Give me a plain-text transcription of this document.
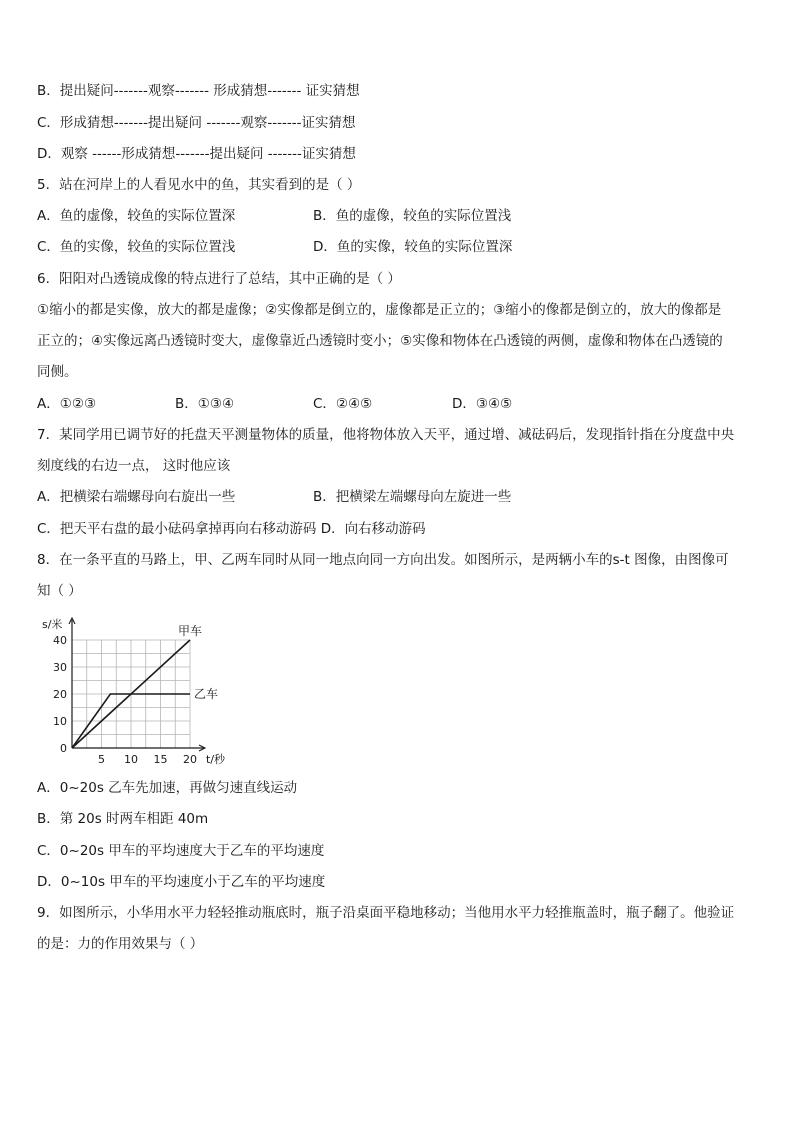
B．提出疑问-------观察------- 形成猜想------- 证实猜想
C．形成猜想-------提出疑问 -------观察-------证实猜想
D．观察 ------形成猜想-------提出疑问 -------证实猜想
5．站在河岸上的人看见水中的鱼，其实看到的是（ ）
A．鱼的虚像，较鱼的实际位置深	B．鱼的虚像，较鱼的实际位置浅
C．鱼的实像，较鱼的实际位置浅	D．鱼的实像，较鱼的实际位置深
6．阳阳对凸透镜成像的特点进行了总结，其中正确的是（ ）
①缩小的都是实像，放大的都是虚像；②实像都是倒立的，虚像都是正立的；③缩小的像都是倒立的，放大的像都是
正立的；④实像远离凸透镜时变大，虚像靠近凸透镜时变小；⑤实像和物体在凸透镜的两侧，虚像和物体在凸透镜的
同侧。
A．①②③	B．①③④	C．②④⑤	D．③④⑤
7．某同学用已调节好的托盘天平测量物体的质量，他将物体放入天平，通过增、减砝码后，发现指针指在分度盘中央
刻度线的右边一点， 这时他应该
A．把横梁右端螺母向右旋出一些	B．把横梁左端螺母向左旋进一些
C．把天平右盘的最小砝码拿掉再向右移动游码 D．向右移动游码
8．在一条平直的马路上，甲、乙两车同时从同一地点向同一方向出发。如图所示，是两辆小车的s-t 图像，由图像可
知（ ）
甲车
乙车
0
10
20
30
40
5 10 15 20
s/米
t/秒
A．0~20s 乙车先加速，再做匀速直线运动
B．第 20s 时两车相距 40m
C．0~20s 甲车的平均速度大于乙车的平均速度
D．0~10s 甲车的平均速度小于乙车的平均速度
9．如图所示，小华用水平力轻轻推动瓶底时，瓶子沿桌面平稳地移动；当他用水平力轻推瓶盖时，瓶子翻了。他验证
的是：力的作用效果与（ ）
